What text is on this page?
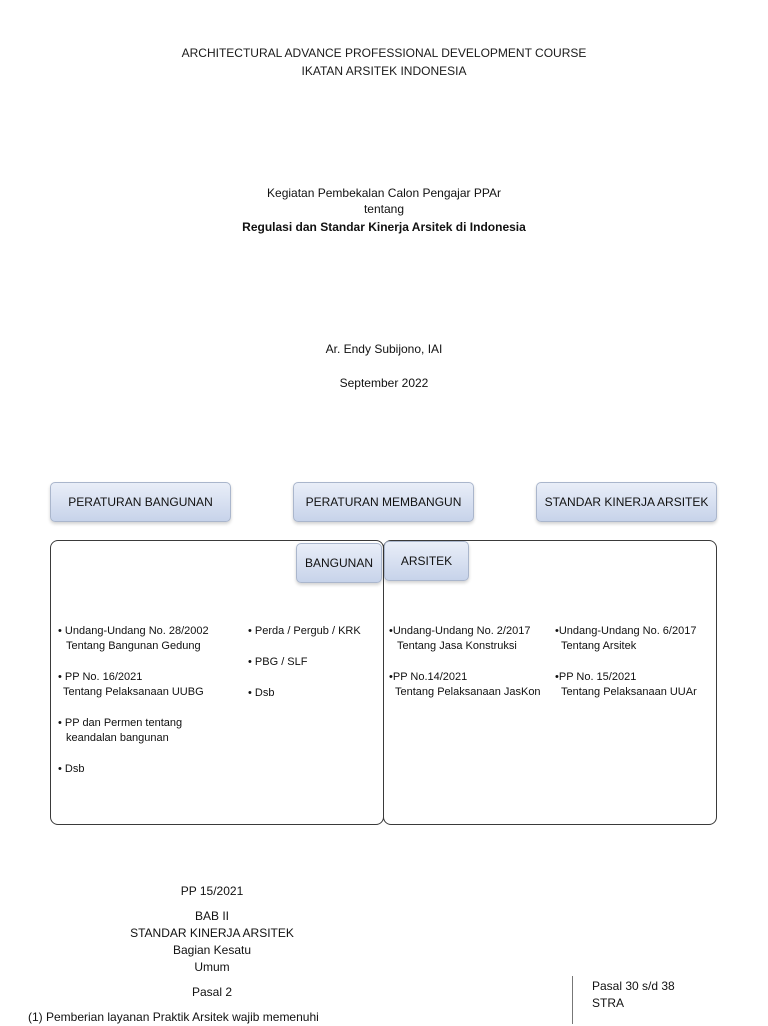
ARCHITECTURAL ADVANCE PROFESSIONAL DEVELOPMENT COURSE
IKATAN ARSITEK INDONESIA
Kegiatan Pembekalan Calon Pengajar PPAr
tentang
Regulasi dan Standar Kinerja Arsitek di Indonesia
Ar. Endy Subijono, IAI
September 2022
PERATURAN BANGUNAN	PERATURAN MEMBANGUN	STANDAR KINERJA ARSITEK
BANGUNAN	ARSITEK
• Undang-Undang No. 28/2002
Tentang Bangunan Gedung
• PP No. 16/2021
Tentang Pelaksanaan UUBG
• PP dan Permen tentang
keandalan bangunan
• Dsb
• Perda / Pergub / KRK
• PBG / SLF
• Dsb
•Undang-Undang No. 2/2017
Tentang Jasa Konstruksi
•PP No.14/2021
Tentang Pelaksanaan JasKon
•Undang-Undang No. 6/2017
Tentang Arsitek
•PP No. 15/2021
Tentang Pelaksanaan UUAr
PP 15/2021
BAB II
STANDAR KINERJA ARSITEK
Bagian Kesatu
Umum
Pasal 2
(1) Pemberian layanan Praktik Arsitek wajib memenuhi
Pasal 30 s/d 38
STRA
